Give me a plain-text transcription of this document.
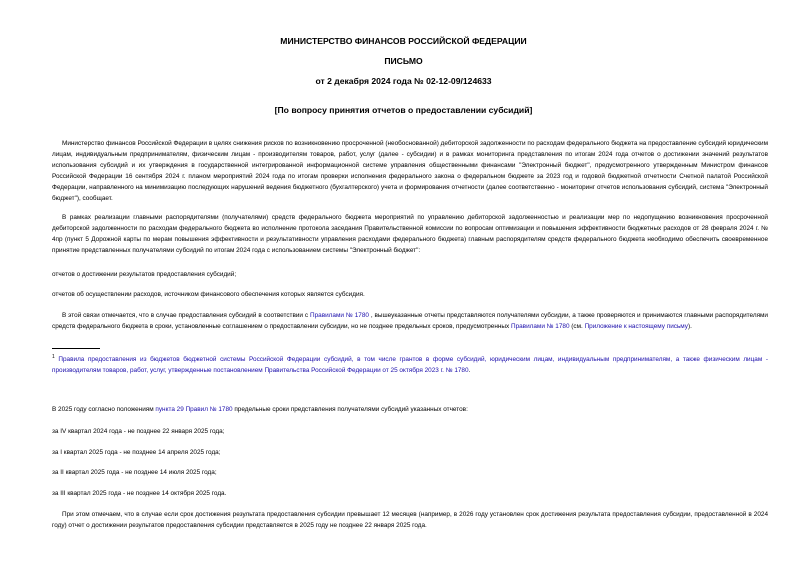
МИНИСТЕРСТВО ФИНАНСОВ РОССИЙСКОЙ ФЕДЕРАЦИИ
ПИСЬМО
от 2 декабря 2024 года № 02-12-09/124633
[По вопросу принятия отчетов о предоставлении субсидий]

Министерство финансов Российской Федерации в целях снижения рисков по возникновению просроченной (необоснованной) дебиторской задолженности по расходам федерального бюджета на предоставление субсидий юридическим лицам, индивидуальным предпринимателям, физическим лицам - производителям товаров, работ, услуг (далее - субсидии) и в рамках мониторинга представления по итогам 2024 года отчетов о достижении значений результатов использования субсидий и их утверждения в государственной интегрированной информационной системе управления общественными финансами "Электронный бюджет", предусмотренного утвержденным Министром финансов Российской Федерации 16 сентября 2024 г. планом мероприятий 2024 года по итогам проверки исполнения федерального закона о федеральном бюджете за 2023 год и годовой бюджетной отчетности Счетной палатой Российской Федерации, направленного на минимизацию последующих нарушений ведения бюджетного (бухгалтерского) учета и формирования отчетности (далее соответственно - мониторинг отчетов использования субсидий, система "Электронный бюджет"), сообщает.

В рамках реализации главными распорядителями (получателями) средств федерального бюджета мероприятий по управлению дебиторской задолженностью и реализации мер по недопущению возникновения просроченной дебиторской задолженности по расходам федерального бюджета во исполнение протокола заседания Правительственной комиссии по вопросам оптимизации и повышения эффективности бюджетных расходов от 28 февраля 2024 г. № 4пр (пункт 5 Дорожной карты по мерам повышения эффективности и результативности управления расходами федерального бюджета) главным распорядителям средств федерального бюджета необходимо обеспечить своевременное принятие представленных получателями субсидий по итогам 2024 года с использованием системы "Электронный бюджет":

отчетов о достижении результатов предоставления субсидий;

отчетов об осуществлении расходов, источником финансового обеспечения которых является субсидия.

В этой связи отмечается, что в случае предоставления субсидий в соответствии с Правилами № 1780 , вышеуказанные отчеты представляются получателями субсидии, а также проверяются и принимаются главными распорядителями средств федерального бюджета в сроки, установленные соглашением о предоставлении субсидии, но не позднее предельных сроков, предусмотренных Правилами № 1780 (см. Приложение к настоящему письму).

$^1$ Правила предоставления из бюджетов бюджетной системы Российской Федерации субсидий, в том числе грантов в форме субсидий, юридическим лицам, индивидуальным предпринимателям, а также физическим лицам - производителям товаров, работ, услуг, утвержденные постановлением Правительства Российской Федерации от 25 октября 2023 г. № 1780.

В 2025 году согласно положениям пункта 29 Правил № 1780 предельные сроки представления получателями субсидий указанных отчетов:

за IV квартал 2024 года - не позднее 22 января 2025 года;

за I квартал 2025 года - не позднее 14 апреля 2025 года;

за II квартал 2025 года - не позднее 14 июля 2025 года;

за III квартал 2025 года - не позднее 14 октября 2025 года.

При этом отмечаем, что в случае если срок достижения результата предоставления субсидии превышает 12 месяцев (например, в 2026 году установлен срок достижения результата предоставления субсидии, предоставленной в 2024 году) отчет о достижении результатов предоставления субсидии представляется в 2025 году не позднее 22 января 2025 года.
